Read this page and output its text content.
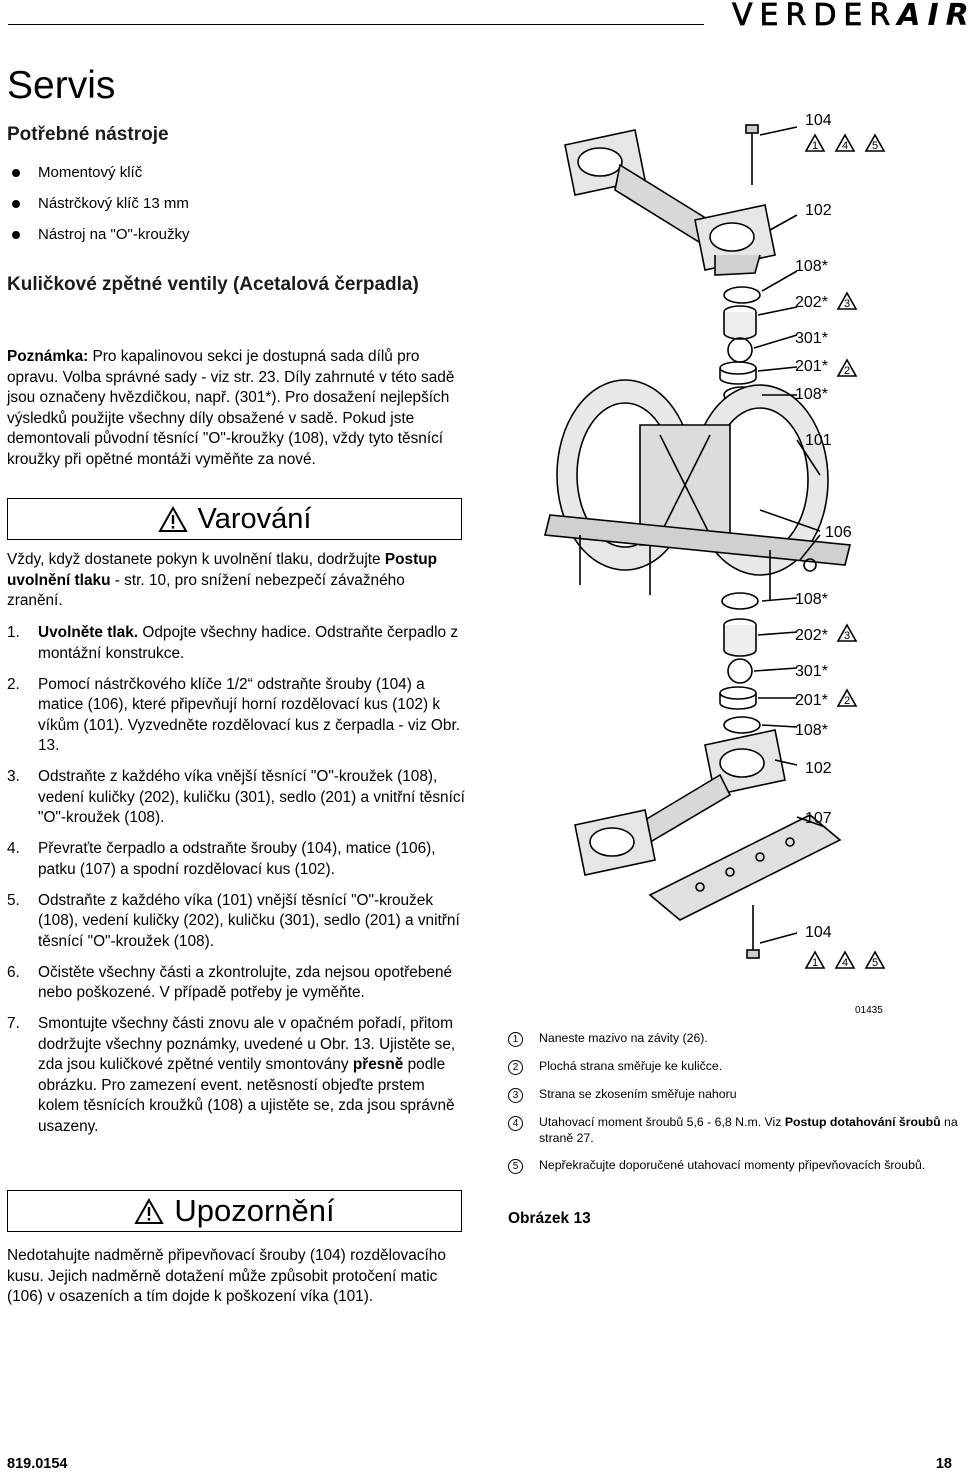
VERDERAIR
Servis
Potřebné nástroje
Momentový klíč
Nástrčkový klíč 13 mm
Nástroj na "O"-kroužky
Kuličkové zpětné ventily (Acetalová čerpadla)

Poznámka: Pro kapalinovou sekci je dostupná sada dílů pro opravu. Volba správné sady - viz str. 23. Díly zahrnuté v této sadě jsou označeny hvězdičkou, např. (301*). Pro dosažení nejlepších výsledků použijte všechny díly obsažené v sadě. Pokud jste demontovali původní těsnící "O"-kroužky (108), vždy tyto těsnící kroužky při opětné montáži vyměňte za nové.

Varování

Vždy, když dostanete pokyn k uvolnění tlaku, dodržujte Postup uvolnění tlaku - str. 10, pro snížení nebezpečí závažného zranění.

1.	Uvolněte tlak. Odpojte všechny hadice. Odstraňte čerpadlo z montážní konstrukce.
2.	Pomocí nástrčkového klíče 1/2“ odstraňte šrouby (104) a matice (106), které připevňují horní rozdělovací kus (102) k víkům (101). Vyzvedněte rozdělovací kus z čerpadla - viz Obr. 13.
3.	Odstraňte z každého víka vnější těsnící "O"-kroužek (108), vedení kuličky (202), kuličku (301), sedlo (201) a vnitřní těsnící "O"-kroužek (108).
4.	Převraťte čerpadlo a odstraňte šrouby (104), matice (106), patku (107) a spodní rozdělovací kus (102).
5.	Odstraňte z každého víka (101) vnější těsnící "O"-kroužek (108), vedení kuličky (202), kuličku (301), sedlo (201) a vnitřní těsnící "O"-kroužek (108).
6.	Očistěte všechny části a zkontrolujte, zda nejsou opotřebené nebo poškozené. V případě potřeby je vyměňte.
7.	Smontujte všechny části znovu ale v opačném pořadí, přitom dodržujte všechny poznámky, uvedené u Obr. 13. Ujistěte se, zda jsou kuličkové zpětné ventily smontovány přesně podle obrázku. Pro zamezení event. netěsností objeďte prstem kolem těsnících kroužků (108) a ujistěte se, zda jsou správně usazeny.
Upozornění

Nedotahujte nadměrně připevňovací šrouby (104) rozdělovacího kusu. Jejich nadměrně dotažení může způsobit protočení matic (106) v osazeních a tím dojde k poškození víka (101).

104
102
108*
202*
301*
201*
108*
101
106
108*
202*
301*
201*
108*
102
107
104
1 4 5
3
2
3
2
1 4 5
01435
1	Naneste mazivo na závity (26).
2	Plochá strana směřuje ke kuličce.
3	Strana se zkosením směřuje nahoru
4	Utahovací moment šroubů 5,6 - 6,8 N.m. Viz Postup dotahování šroubů na straně 27.
5	Nepřekračujte doporučené utahovací momenty připevňovacích šroubů.
Obrázek 13
819.0154	18
